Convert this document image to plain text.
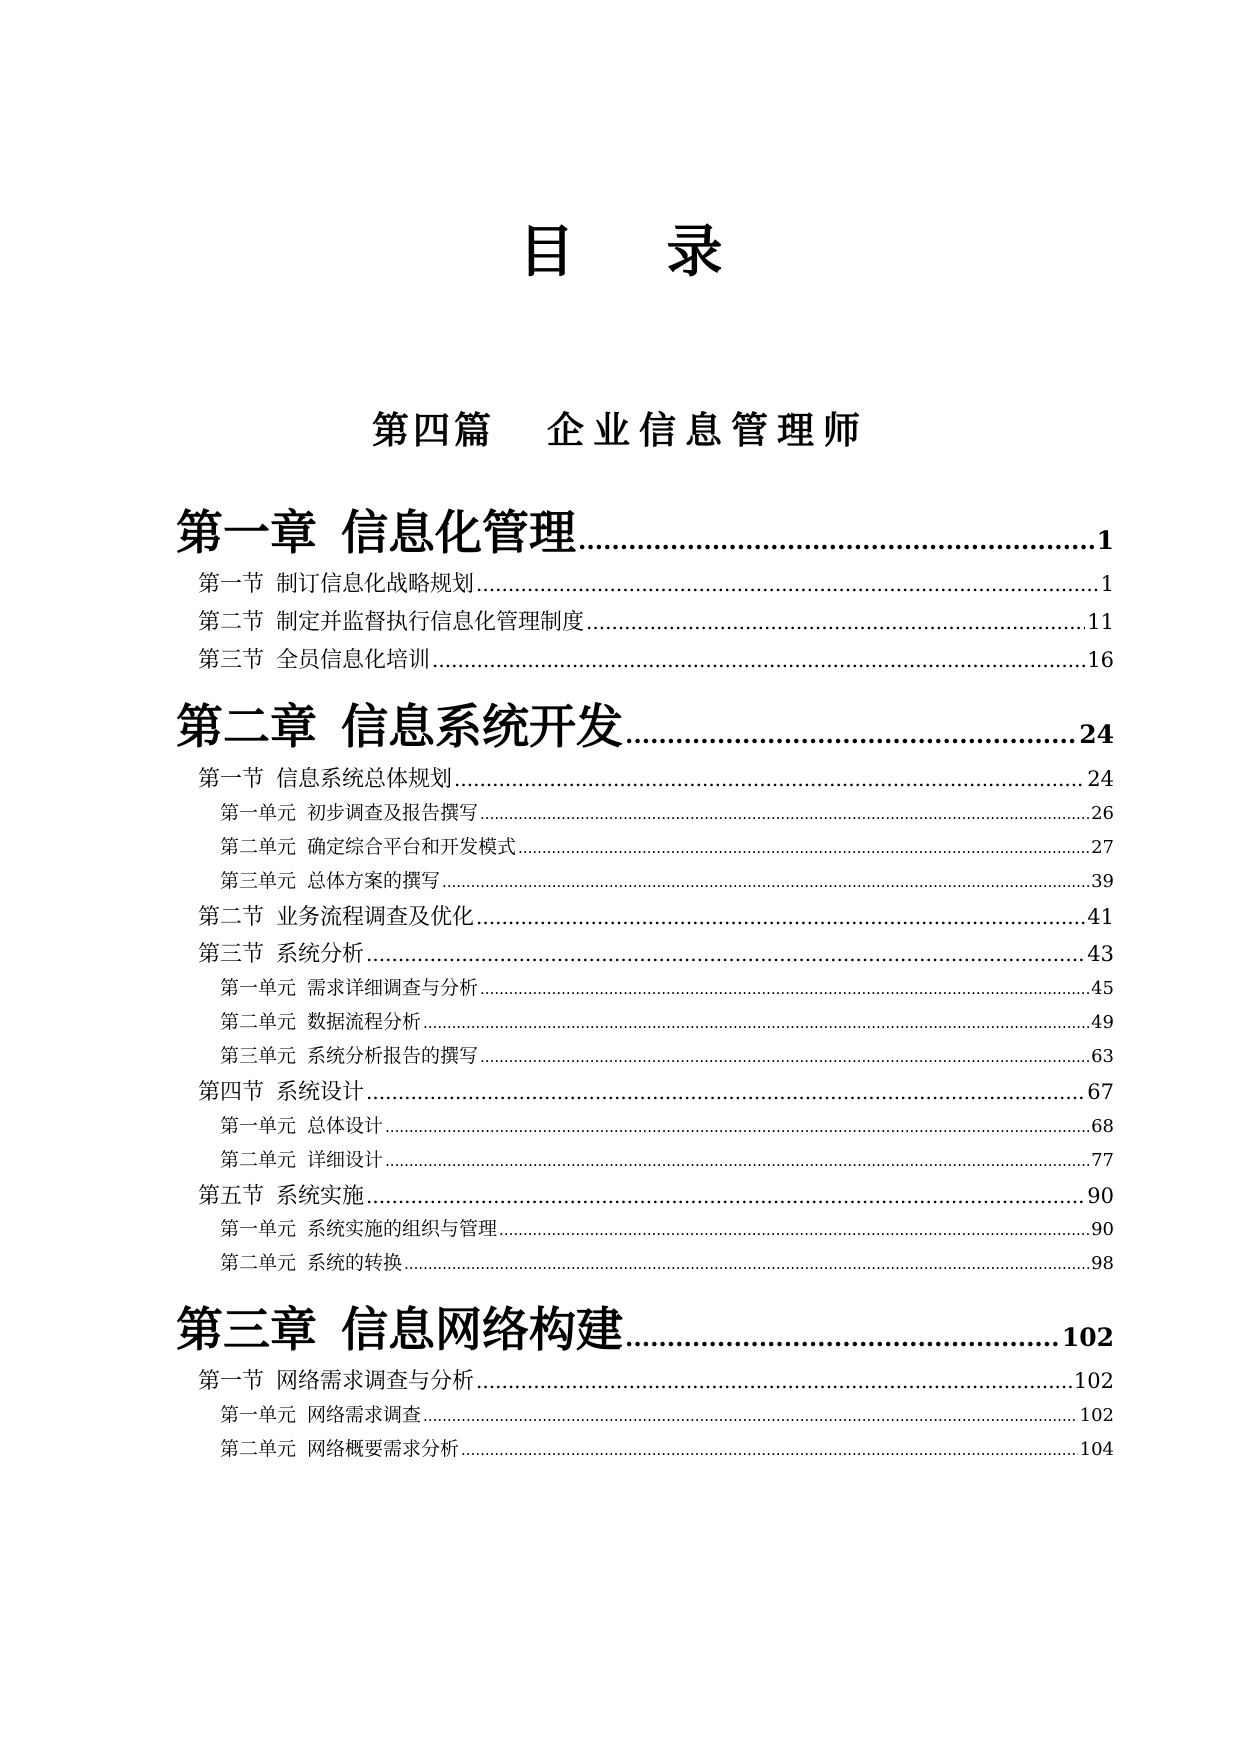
目 录
第四篇 企业信息管理师
第一章 信息化管理 .....	1
第一节 制订信息化战略规划 .....	1
第二节 制定并监督执行信息化管理制度 .....	11
第三节 全员信息化培训 .....	16
第二章 信息系统开发 .....	24
第一节 信息系统总体规划 .....	24
第一单元 初步调查及报告撰写 .....	26
第二单元 确定综合平台和开发模式 .....	27
第三单元 总体方案的撰写 .....	39
第二节 业务流程调查及优化 .....	41
第三节 系统分析 .....	43
第一单元 需求详细调查与分析 .....	45
第二单元 数据流程分析 .....	49
第三单元 系统分析报告的撰写 .....	63
第四节 系统设计 .....	67
第一单元 总体设计 .....	68
第二单元 详细设计 .....	77
第五节 系统实施 .....	90
第一单元 系统实施的组织与管理 .....	90
第二单元 系统的转换 .....	98
第三章 信息网络构建 .....	102
第一节 网络需求调查与分析 .....	102
第一单元 网络需求调查 .....	102
第二单元 网络概要需求分析 .....	104
